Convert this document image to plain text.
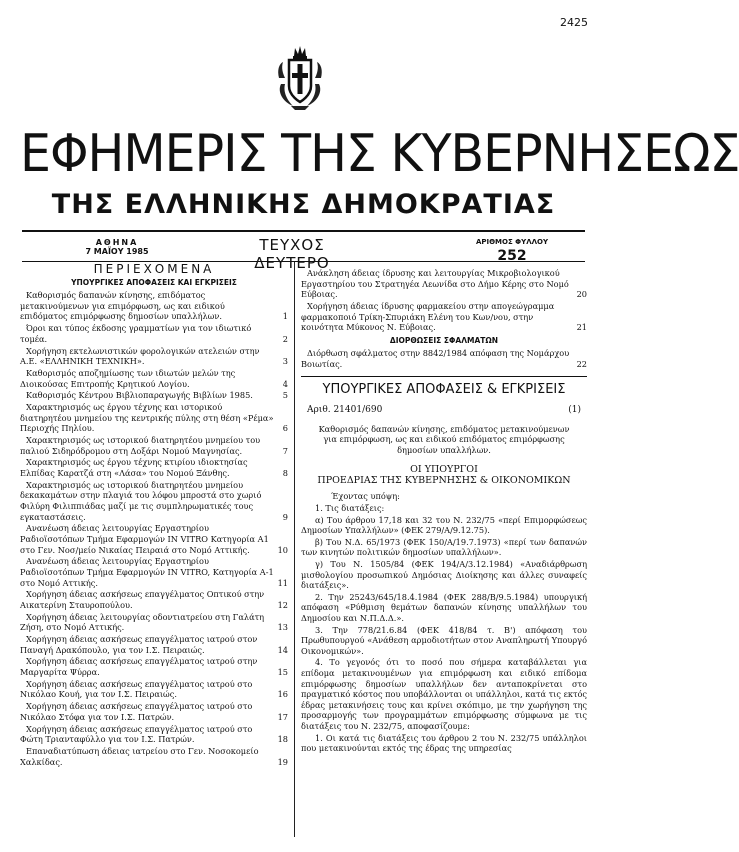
2425
ΕΦΗΜΕΡΙΣ ΤΗΣ ΚΥΒΕΡΝΗΣΕΩΣ
ΤΗΣ ΕΛΛΗΝΙΚΗΣ ΔΗΜΟΚΡΑΤΙΑΣ
ΑΘΗΝΑ
7 ΜΑΪΟΥ 1985	ΤΕΥΧΟΣ ΔΕΥΤΕΡΟ
ΑΡΙΘΜΟΣ ΦΥΛΛΟΥ
252
ΠΕΡΙΕΧΟΜΕΝΑ
ΥΠΟΥΡΓΙΚΕΣ ΑΠΟΦΑΣΕΙΣ ΚΑΙ ΕΓΚΡΙΣΕΙΣ
Καθορισμός δαπανών κίνησης, επιδόματος μετακινούμενων για επιμόρφωση, ως και ειδικού επιδόματος επιμόρφωσης δημοσίων υπαλλήλων.	1
Όροι και τύπος έκδοσης γραμματίων για τον ιδιωτικό τομέα.	2
Χορήγηση εκτελωνιστικών φορολογικών ατελειών στην Α.Ε. «ΕΛΛΗΝΙΚΗ ΤΕΧΝΙΚΗ».	3
Καθορισμός αποζημίωσης των ιδιωτών μελών της Διοικούσας Επιτροπής Κρητικού Λογίου.	4
Καθορισμός Κέντρου Βιβλιοπαραγωγής Βιβλίων 1985.	5
Χαρακτηρισμός ως έργου τέχνης και ιστορικού διατηρητέου μνημείου της κεντρικής πύλης στη θέση «Ρέμα» Περιοχής Πηλίου.	6
Χαρακτηρισμός ως ιστορικού διατηρητέου μνημείου του παλιού Σιδηρόδρομου στη Δοξάρι Νομού Μαγνησίας.	7
Χαρακτηρισμός ως έργου τέχνης κτιρίου ιδιοκτησίας Ελπίδας Καρατζά στη «Λάσα» του Νομού Ξάνθης.	8
Χαρακτηρισμός ως ιστορικού διατηρητέου μνημείου δεκακαμάτων στην πλαγιά του λόφου μπροστά στο χωριό Φιλύρη Φιλιππιάδας μαζί με τις συμπληρωματικές τους εγκαταστάσεις.	9
Ανανέωση άδειας λειτουργίας Εργαστηρίου Ραδιοϊσοτόπων Τμήμα Εφαρμογών IN VITRO Κατηγορία Α1 στο Γεν. Νοσ/μείο Νικαίας Πειραιά στο Νομό Αττικής.	10
Ανανέωση άδειας λειτουργίας Εργαστηρίου Ραδιοϊσοτόπων Τμήμα Εφαρμογών IN VITRO, Κατηγορία Α-1 στο Νομό Αττικής.	11
Χορήγηση άδειας ασκήσεως επαγγέλματος Οπτικού στην Αικατερίνη Σταυροπούλου.	12
Χορήγηση άδειας λειτουργίας οδοντιατρείου στη Γαλάτη Ζήση, στο Νομό Αττικής.	13
Χορήγηση άδειας ασκήσεως επαγγέλματος ιατρού στον Παναγή Δρακόπουλο, για τον Ι.Σ. Πειραιώς.	14
Χορήγηση άδειας ασκήσεως επαγγέλματος ιατρού στην Μαργαρίτα Ψύρρα.	15
Χορήγηση άδειας ασκήσεως επαγγέλματος ιατρού στο Νικόλαο Κουή, για τον Ι.Σ. Πειραιώς.	16
Χορήγηση άδειας ασκήσεως επαγγέλματος ιατρού στο Νικόλαο Στόφα για τον Ι.Σ. Πατρών.	17
Χορήγηση άδειας ασκήσεως επαγγέλματος ιατρού στο Φώτη Τριανταφύλλο για τον Ι.Σ. Πατρών.	18
Επαναδιατύπωση άδειας ιατρείου στο Γεν. Νοσοκομείο Χαλκίδας.	19
Ανάκληση άδειας ίδρυσης και λειτουργίας Μικροβιολογικού Εργαστηρίου του Στρατηγέα Λεωνίδα στο Δήμο Κέρης στο Νομό Εύβοιας.	20
Χορήγηση άδειας ίδρυσης φαρμακείου στην απογεώγραμμα φαρμακοποιό Τρίκη-Σπυριάκη Ελένη του Κων/νου, στην κοινότητα Μύκονος Ν. Εύβοιας.	21
ΔΙΟΡΘΩΣΕΙΣ ΣΦΑΛΜΑΤΩΝ
Διόρθωση σφάλματος στην 8842/1984 απόφαση της Νομάρχου Βοιωτίας.	22
ΥΠΟΥΡΓΙΚΕΣ ΑΠΟΦΑΣΕΙΣ & ΕΓΚΡΙΣΕΙΣ
Αριθ. 21401/690	(1)
Καθορισμός δαπανών κίνησης, επιδόματος μετακινούμενων για επιμόρφωση, ως και ειδικού επιδόματος επιμόρφωσης δημοσίων υπαλλήλων.
ΟΙ ΥΠΟΥΡΓΟΙ
ΠΡΟΕΔΡΙΑΣ ΤΗΣ ΚΥΒΕΡΝΗΣΗΣ & ΟΙΚΟΝΟΜΙΚΩΝ
Έχοντας υπόψη:
1. Τις διατάξεις:
α) Του άρθρου 17,18 και 32 του Ν. 232/75 «περί Επιμορφώσεως Δημοσίων Υπαλλήλων» (ΦΕΚ 279/Α/9.12.75).
β) Του Ν.Δ. 65/1973 (ΦΕΚ 150/Α/19.7.1973) «περί των δαπανών των κινητών πολιτικών δημοσίων υπαλλήλων».
γ) Του Ν. 1505/84 (ΦΕΚ 194/Α/3.12.1984) «Αναδιάρθρωση μισθολογίου προσωπικού Δημόσιας Διοίκησης και άλλες συναφείς διατάξεις».
2. Την 25243/645/18.4.1984 (ΦΕΚ 288/Β/9.5.1984) υπουργική απόφαση «Ρύθμιση θεμάτων δαπανών κίνησης υπαλλήλων του Δημοσίου και Ν.Π.Δ.Δ.».
3. Την 778/21.6.84 (ΦΕΚ 418/84 τ. Β') απόφαση του Πρωθυπουργού «Ανάθεση αρμοδιοτήτων στον Αναπληρωτή Υπουργό Οικονομικών».
4. Το γεγονός ότι το ποσό που σήμερα καταβάλλεται για επίδομα μετακινουμένων για επιμόρφωση και ειδικό επίδομα επιμόρφωσης δημοσίων υπαλλήλων δεν ανταποκρίνεται στο πραγματικό κόστος που υποβάλλονται οι υπάλληλοι, κατά τις εκτός έδρας μετακινήσεις τους και κρίνει σκόπιμο, με την χωρήγηση της προσαρμογής των προγραμμάτων επιμόρφωσης σύμφωνα με τις διατάξεις του Ν. 232/75, αποφασίζουμε:
1. Οι κατά τις διατάξεις του άρθρου 2 του Ν. 232/75 υπάλληλοι που μετακινούνται εκτός της έδρας της υπηρεσίας
